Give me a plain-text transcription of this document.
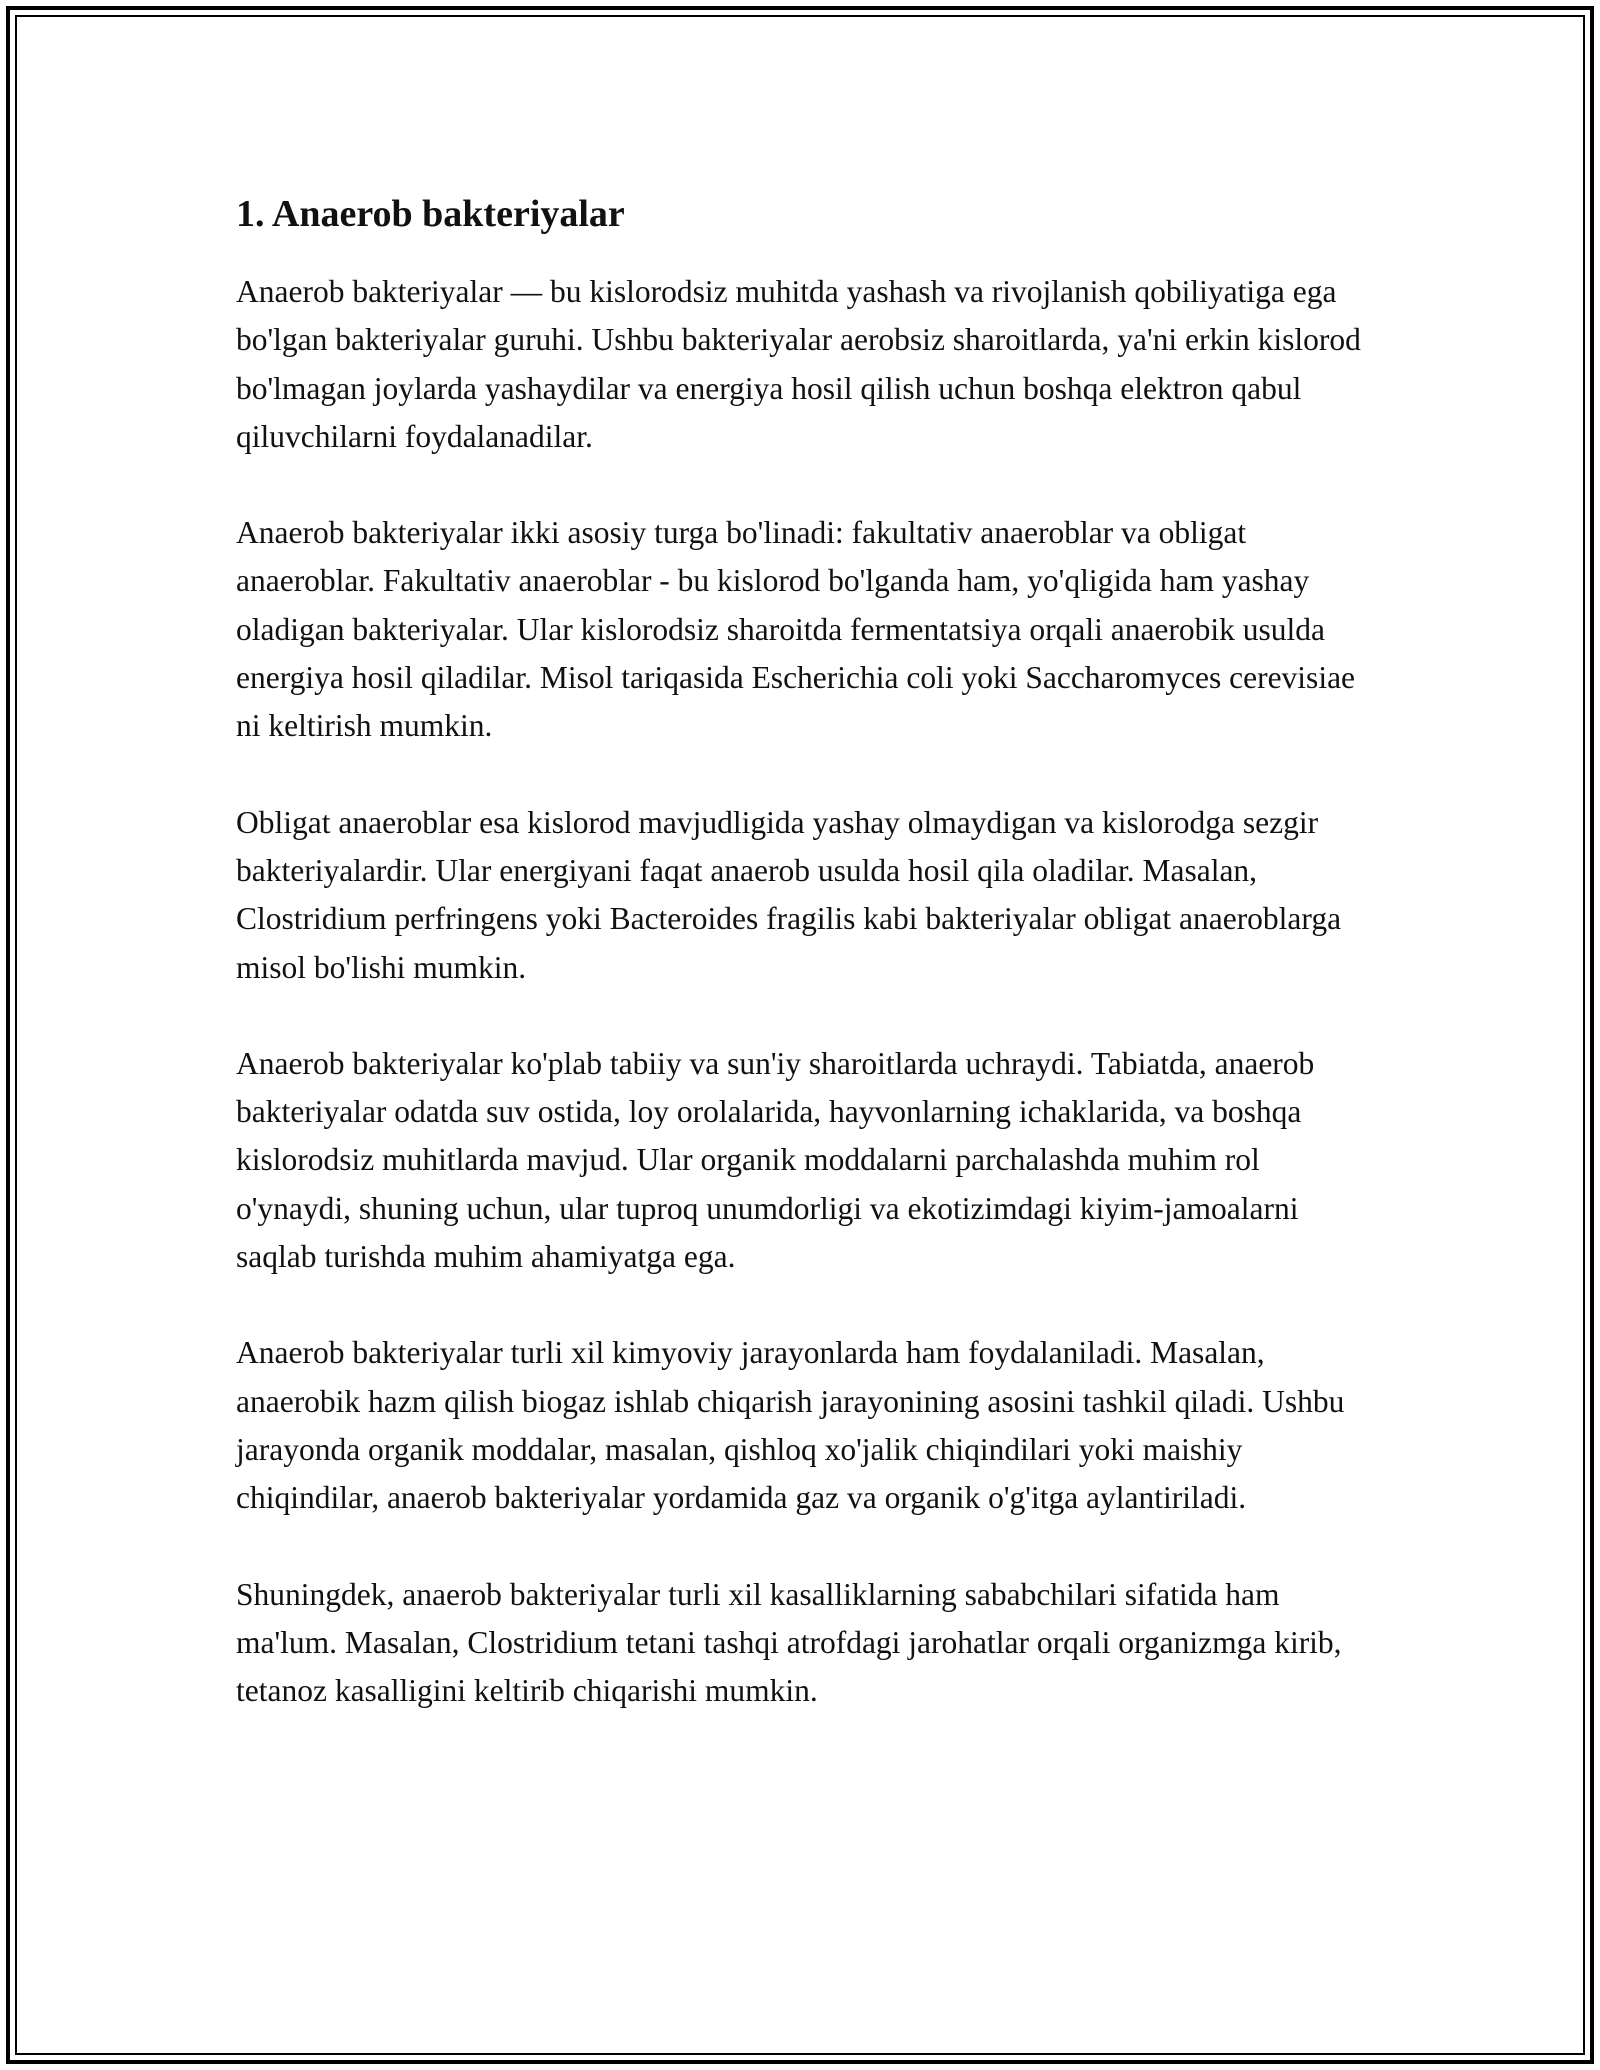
1. Anaerob bakteriyalar

Anaerob bakteriyalar — bu kislorodsiz muhitda yashash va rivojlanish qobiliyatiga ega bo'lgan bakteriyalar guruhi. Ushbu bakteriyalar aerobsiz sharoitlarda, ya'ni erkin kislorod bo'lmagan joylarda yashaydilar va energiya hosil qilish uchun boshqa elektron qabul qiluvchilarni foydalanadilar.

Anaerob bakteriyalar ikki asosiy turga bo'linadi: fakultativ anaeroblar va obligat anaeroblar. Fakultativ anaeroblar - bu kislorod bo'lganda ham, yo'qligida ham yashay oladigan bakteriyalar. Ular kislorodsiz sharoitda fermentatsiya orqali anaerobik usulda energiya hosil qiladilar. Misol tariqasida Escherichia coli yoki Saccharomyces cerevisiae ni keltirish mumkin.

Obligat anaeroblar esa kislorod mavjudligida yashay olmaydigan va kislorodga sezgir bakteriyalardir. Ular energiyani faqat anaerob usulda hosil qila oladilar. Masalan, Clostridium perfringens yoki Bacteroides fragilis kabi bakteriyalar obligat anaeroblarga misol bo'lishi mumkin.

Anaerob bakteriyalar ko'plab tabiiy va sun'iy sharoitlarda uchraydi. Tabiatda, anaerob bakteriyalar odatda suv ostida, loy orolalarida, hayvonlarning ichaklarida, va boshqa kislorodsiz muhitlarda mavjud. Ular organik moddalarni parchalashda muhim rol o'ynaydi, shuning uchun, ular tuproq unumdorligi va ekotizimdagi kiyim-jamoalarni saqlab turishda muhim ahamiyatga ega.

Anaerob bakteriyalar turli xil kimyoviy jarayonlarda ham foydalaniladi. Masalan, anaerobik hazm qilish biogaz ishlab chiqarish jarayonining asosini tashkil qiladi. Ushbu jarayonda organik moddalar, masalan, qishloq xo'jalik chiqindilari yoki maishiy chiqindilar, anaerob bakteriyalar yordamida gaz va organik o'g'itga aylantiriladi.

Shuningdek, anaerob bakteriyalar turli xil kasalliklarning sababchilari sifatida ham ma'lum. Masalan, Clostridium tetani tashqi atrofdagi jarohatlar orqali organizmga kirib, tetanoz kasalligini keltirib chiqarishi mumkin.
